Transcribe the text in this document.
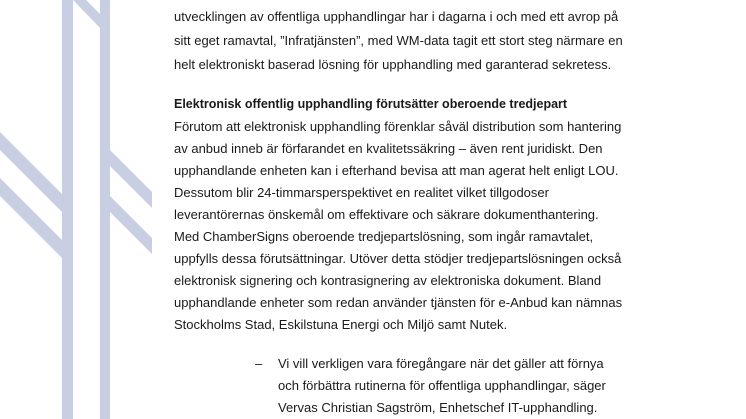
utvecklingen av offentliga upphandlingar har i dagarna i och med ett avrop på
sitt eget ramavtal, ”Infratjänsten”, med WM-data tagit ett stort steg närmare en
helt elektroniskt baserad lösning för upphandling med garanterad sekretess.
Elektronisk offentlig upphandling förutsätter oberoende tredjepart
Förutom att elektronisk upphandling förenklar såväl distribution som hantering
av anbud inneb är förfarandet en kvalitetssäkring – även rent juridiskt. Den
upphandlande enheten kan i efterhand bevisa att man agerat helt enligt LOU.
Dessutom blir 24-timmarsperspektivet en realitet vilket tillgodoser
leverantörernas önskemål om effektivare och säkrare dokumenthantering.
Med ChamberSigns oberoende tredjepartslösning, som ingår ramavtalet,
uppfylls dessa förutsättningar. Utöver detta stödjer tredjepartslösningen också
elektronisk signering och kontrasignering av elektroniska dokument. Bland
upphandlande enheter som redan använder tjänsten för e-Anbud kan nämnas
Stockholms Stad, Eskilstuna Energi och Miljö samt Nutek.
– Vi vill verkligen vara föregångare när det gäller att förnya
och förbättra rutinerna för offentliga upphandlingar, säger
Vervas Christian Sagström, Enhetschef IT-upphandling.
